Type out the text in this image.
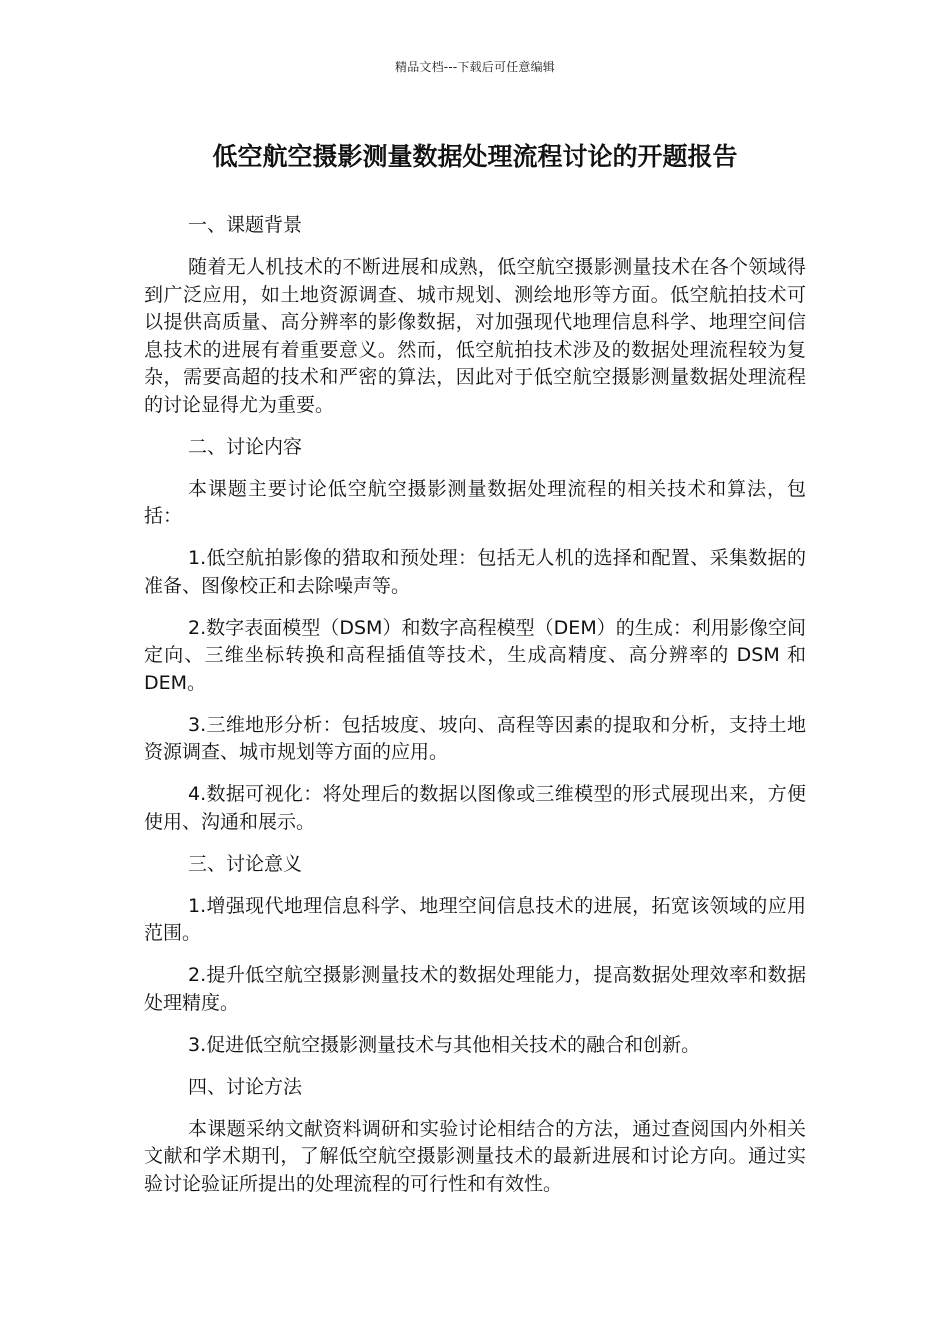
精品文档---下载后可任意编辑
低空航空摄影测量数据处理流程讨论的开题报告

一、课题背景

随着无人机技术的不断进展和成熟，低空航空摄影测量技术在各个领域得到广泛应用，如土地资源调查、城市规划、测绘地形等方面。低空航拍技术可以提供高质量、高分辨率的影像数据，对加强现代地理信息科学、地理空间信息技术的进展有着重要意义。然而，低空航拍技术涉及的数据处理流程较为复杂，需要高超的技术和严密的算法，因此对于低空航空摄影测量数据处理流程的讨论显得尤为重要。

二、讨论内容

本课题主要讨论低空航空摄影测量数据处理流程的相关技术和算法，包括：

1.低空航拍影像的猎取和预处理：包括无人机的选择和配置、采集数据的准备、图像校正和去除噪声等。

2.数字表面模型（DSM）和数字高程模型（DEM）的生成：利用影像空间定向、三维坐标转换和高程插值等技术，生成高精度、高分辨率的 DSM 和 DEM。

3.三维地形分析：包括坡度、坡向、高程等因素的提取和分析，支持土地资源调查、城市规划等方面的应用。

4.数据可视化：将处理后的数据以图像或三维模型的形式展现出来，方便使用、沟通和展示。

三、讨论意义

1.增强现代地理信息科学、地理空间信息技术的进展，拓宽该领域的应用范围。

2.提升低空航空摄影测量技术的数据处理能力，提高数据处理效率和数据处理精度。

3.促进低空航空摄影测量技术与其他相关技术的融合和创新。

四、讨论方法

本课题采纳文献资料调研和实验讨论相结合的方法，通过查阅国内外相关文献和学术期刊，了解低空航空摄影测量技术的最新进展和讨论方向。通过实验讨论验证所提出的处理流程的可行性和有效性。
